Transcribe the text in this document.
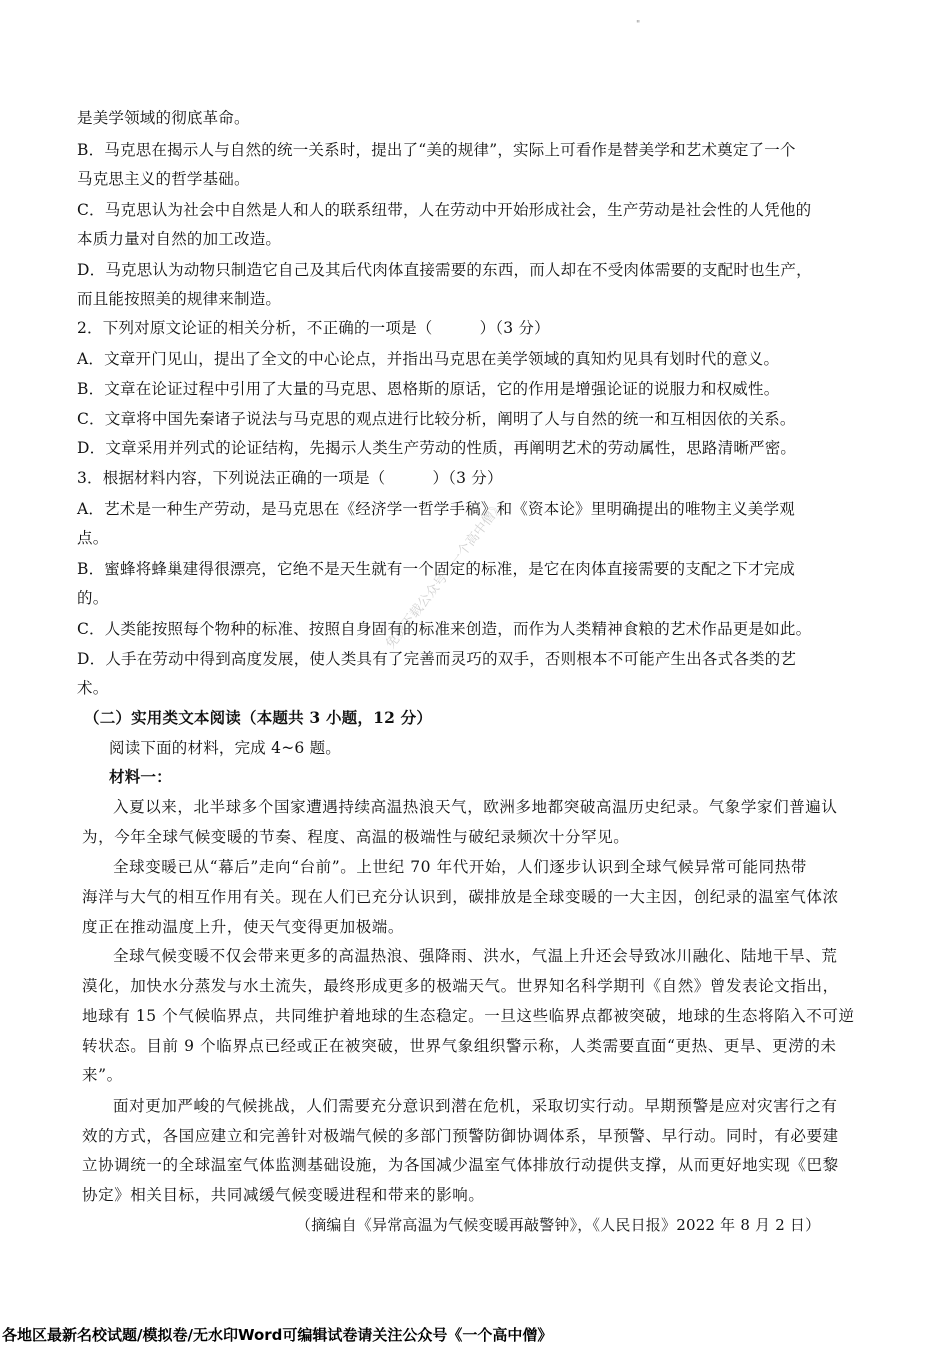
"
免费下载公众号《一个高中僧》
是美学领域的彻底革命。
B．马克思在揭示人与自然的统一关系时，提出了“美的规律”，实际上可看作是替美学和艺术奠定了一个
马克思主义的哲学基础。
C．马克思认为社会中自然是人和人的联系纽带，人在劳动中开始形成社会，生产劳动是社会性的人凭他的
本质力量对自然的加工改造。
D．马克思认为动物只制造它自己及其后代肉体直接需要的东西，而人却在不受肉体需要的支配时也生产，
而且能按照美的规律来制造。
2．下列对原文论证的相关分析，不正确的一项是（　　　）（3 分）
A．文章开门见山，提出了全文的中心论点，并指出马克思在美学领域的真知灼见具有划时代的意义。
B．文章在论证过程中引用了大量的马克思、恩格斯的原话，它的作用是增强论证的说服力和权威性。
C．文章将中国先秦诸子说法与马克思的观点进行比较分析，阐明了人与自然的统一和互相因依的关系。
D．文章采用并列式的论证结构，先揭示人类生产劳动的性质，再阐明艺术的劳动属性，思路清晰严密。
3．根据材料内容，下列说法正确的一项是（　　　）（3 分）
A．艺术是一种生产劳动，是马克思在《经济学一哲学手稿》和《资本论》里明确提出的唯物主义美学观
点。
B．蜜蜂将蜂巢建得很漂亮，它绝不是天生就有一个固定的标准，是它在肉体直接需要的支配之下才完成
的。
C．人类能按照每个物种的标准、按照自身固有的标准来创造，而作为人类精神食粮的艺术作品更是如此。
D．人手在劳动中得到高度发展，使人类具有了完善而灵巧的双手，否则根本不可能产生出各式各类的艺
术。
（二）实用类文本阅读（本题共 3 小题，12 分）
阅读下面的材料，完成 4~6 题。
材料一：
入夏以来，北半球多个国家遭遇持续高温热浪天气，欧洲多地都突破高温历史纪录。气象学家们普遍认
为，今年全球气候变暖的节奏、程度、高温的极端性与破纪录频次十分罕见。
全球变暖已从“幕后”走向“台前”。上世纪 70 年代开始，人们逐步认识到全球气候异常可能同热带
海洋与大气的相互作用有关。现在人们已充分认识到，碳排放是全球变暖的一大主因，创纪录的温室气体浓
度正在推动温度上升，使天气变得更加极端。
全球气候变暖不仅会带来更多的高温热浪、强降雨、洪水，气温上升还会导致冰川融化、陆地干旱、荒
漠化，加快水分蒸发与水土流失，最终形成更多的极端天气。世界知名科学期刊《自然》曾发表论文指出，
地球有 15 个气候临界点，共同维护着地球的生态稳定。一旦这些临界点都被突破，地球的生态将陷入不可逆
转状态。目前 9 个临界点已经或正在被突破，世界气象组织警示称，人类需要直面“更热、更旱、更涝的未
来”。
面对更加严峻的气候挑战，人们需要充分意识到潜在危机，采取切实行动。早期预警是应对灾害行之有
效的方式，各国应建立和完善针对极端气候的多部门预警防御协调体系，早预警、早行动。同时，有必要建
立协调统一的全球温室气体监测基础设施，为各国减少温室气体排放行动提供支撑，从而更好地实现《巴黎
协定》相关目标，共同减缓气候变暖进程和带来的影响。
（摘编自《异常高温为气候变暖再敲警钟》，《人民日报》2022 年 8 月 2 日）
各地区最新名校试题/模拟卷/无水印Word可编辑试卷请关注公众号《一个高中僧》
